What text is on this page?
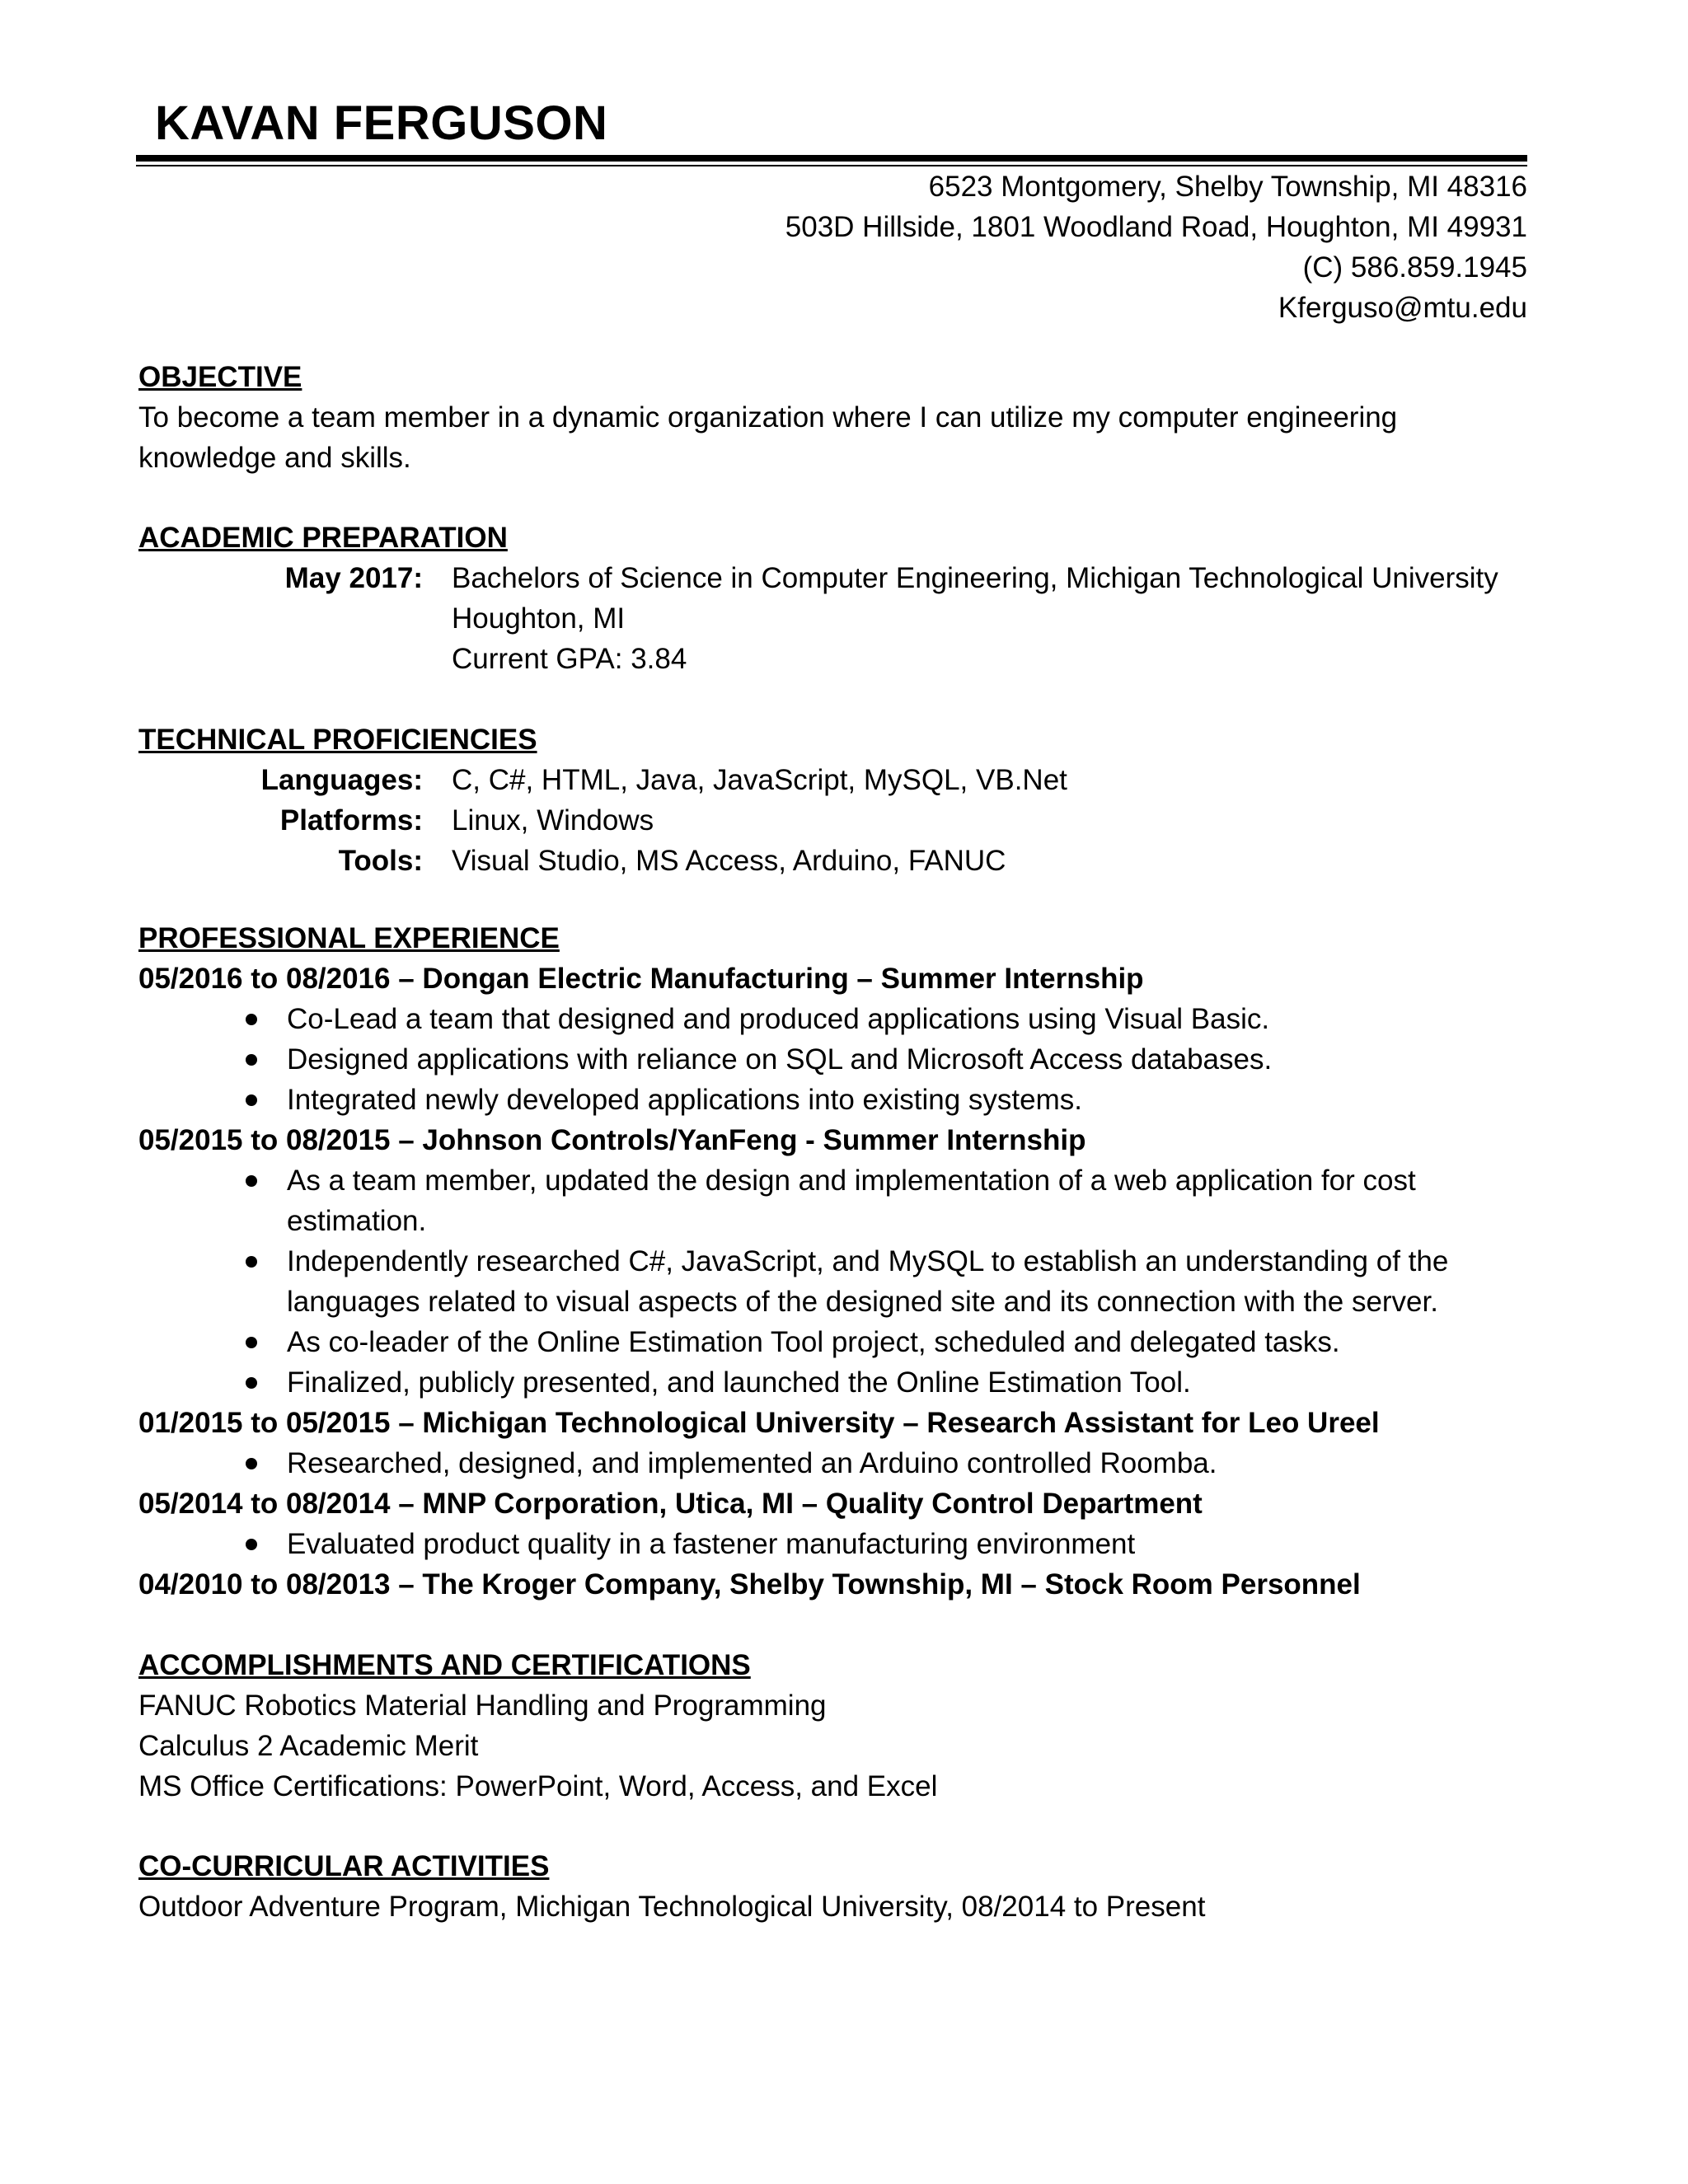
KAVAN FERGUSON
6523 Montgomery, Shelby Township, MI 48316
503D Hillside, 1801 Woodland Road, Houghton, MI 49931
(C) 586.859.1945
Kferguso@mtu.edu

OBJECTIVE

To become a team member in a dynamic organization where I can utilize my computer engineering knowledge and skills.

ACADEMIC PREPARATION

May 2017: Bachelors of Science in Computer Engineering, Michigan Technological University
Houghton, MI
Current GPA: 3.84

TECHNICAL PROFICIENCIES

Languages: C, C#, HTML, Java, JavaScript, MySQL, VB.Net
Platforms: Linux, Windows
Tools: Visual Studio, MS Access, Arduino, FANUC

PROFESSIONAL EXPERIENCE

05/2016 to 08/2016 – Dongan Electric Manufacturing – Summer Internship
Co-Lead a team that designed and produced applications using Visual Basic.
Designed applications with reliance on SQL and Microsoft Access databases.
Integrated newly developed applications into existing systems.
05/2015 to 08/2015 – Johnson Controls/YanFeng - Summer Internship
As a team member, updated the design and implementation of a web application for cost estimation.
Independently researched C#, JavaScript, and MySQL to establish an understanding of the languages related to visual aspects of the designed site and its connection with the server.
As co-leader of the Online Estimation Tool project, scheduled and delegated tasks.
Finalized, publicly presented, and launched the Online Estimation Tool.
01/2015 to 05/2015 – Michigan Technological University – Research Assistant for Leo Ureel
Researched, designed, and implemented an Arduino controlled Roomba.
05/2014 to 08/2014 – MNP Corporation, Utica, MI – Quality Control Department
Evaluated product quality in a fastener manufacturing environment
04/2010 to 08/2013 – The Kroger Company, Shelby Township, MI – Stock Room Personnel

ACCOMPLISHMENTS AND CERTIFICATIONS

FANUC Robotics Material Handling and Programming

Calculus 2 Academic Merit

MS Office Certifications: PowerPoint, Word, Access, and Excel

CO-CURRICULAR ACTIVITIES

Outdoor Adventure Program, Michigan Technological University, 08/2014 to Present
